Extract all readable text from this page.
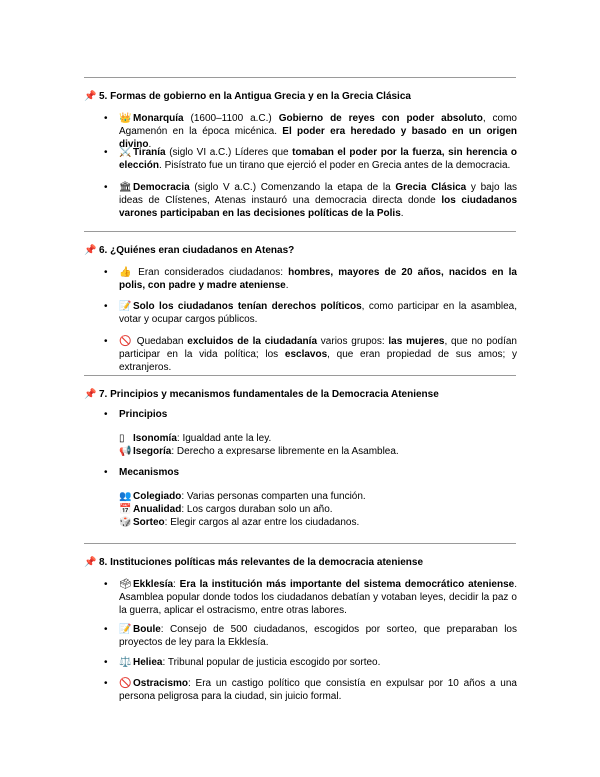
📌 5. Formas de gobierno en la Antigua Grecia y en la Grecia Clásica
• 👑 Monarquía (1600–1100 a.C.) Gobierno de reyes con poder absoluto, como Agamenón en la época micénica. El poder era heredado y basado en un origen divino.
• ⚔️ Tiranía (siglo VI a.C.) Líderes que tomaban el poder por la fuerza, sin herencia o elección. Pisístrato fue un tirano que ejerció el poder en Grecia antes de la democracia.
• 🏛Democracia (siglo V a.C.) Comenzando la etapa de la Grecia Clásica y bajo las ideas de Clístenes, Atenas instauró una democracia directa donde los ciudadanos varones participaban en las decisiones políticas de la Polis.
📌 6. ¿Quiénes eran ciudadanos en Atenas?
• 👍 Eran considerados ciudadanos: hombres, mayores de 20 años, nacidos en la polis, con padre y madre ateniense.
• 📝 Solo los ciudadanos tenían derechos políticos, como participar en la asamblea, votar y ocupar cargos públicos.
• 🚫 Quedaban excluidos de la ciudadanía varios grupos: las mujeres, que no podían participar en la vida política; los esclavos, que eran propiedad de sus amos; y extranjeros.
📌 7. Principios y mecanismos fundamentales de la Democracia Ateniense
• Principios
▯ Isonomía: Igualdad ante la ley.
📢 Isegoría: Derecho a expresarse libremente en la Asamblea.
• Mecanismos
👥 Colegiado: Varias personas comparten una función.
📅 Anualidad: Los cargos duraban solo un año.
🎲 Sorteo: Elegir cargos al azar entre los ciudadanos.
📌 8. Instituciones políticas más relevantes de la democracia ateniense
• 🗳Ekklesía: Era la institución más importante del sistema democrático ateniense. Asamblea popular donde todos los ciudadanos debatían y votaban leyes, decidir la paz o la guerra, aplicar el ostracismo, entre otras labores.
• 📝 Boule: Consejo de 500 ciudadanos, escogidos por sorteo, que preparaban los proyectos de ley para la Ekklesía.
• ⚖️ Heliea: Tribunal popular de justicia escogido por sorteo.
• 🚫 Ostracismo: Era un castigo político que consistía en expulsar por 10 años a una persona peligrosa para la ciudad, sin juicio formal.
